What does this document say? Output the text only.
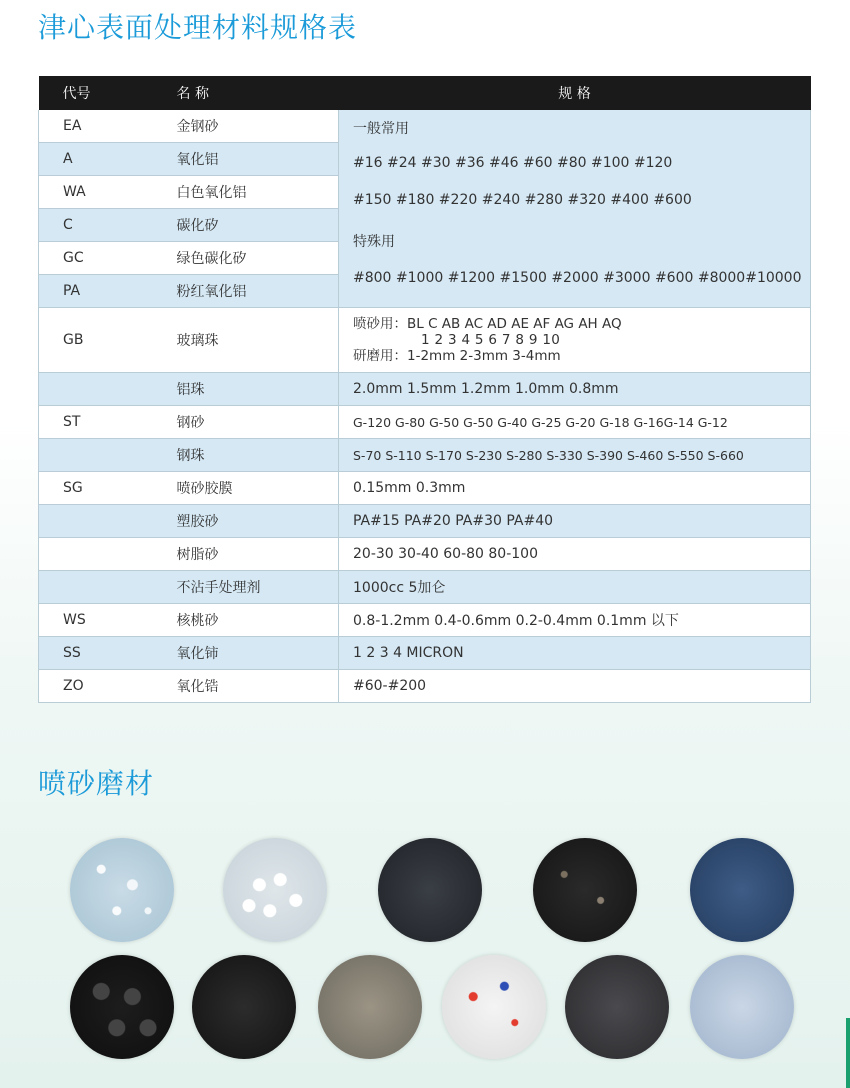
津心表面处理材料规格表
代号	名 称	规 格
EA	金钢砂	一般常用
#16 #24 #30 #36 #46 #60 #80 #100 #120
#150 #180 #220 #240 #280 #320 #400 #600
特殊用
#800 #1000 #1200 #1500 #2000 #3000 #600 #8000#10000

A	氧化铝	
WA	白色氧化铝	
C	碳化矽	
GC	绿色碳化矽	
PA	粉红氧化铝	
GB	玻璃珠	喷砂用：BL C AB AC AD AE AF AG AH AQ
1 2 3 4 5 6 7 8 9 10
研磨用：1-2mm 2-3mm 3-4mm

	铝珠	2.0mm 1.5mm 1.2mm 1.0mm 0.8mm
ST	钢砂	G-120 G-80 G-50 G-50 G-40 G-25 G-20 G-18 G-16G-14 G-12
	钢珠	S-70 S-110 S-170 S-230 S-280 S-330 S-390 S-460 S-550 S-660
SG	喷砂胶膜	0.15mm 0.3mm
	塑胶砂	PA#15 PA#20 PA#30 PA#40
	树脂砂	20-30 30-40 60-80 80-100
	不沾手处理剂	1000cc 5加仑
WS	核桃砂	0.8-1.2mm 0.4-0.6mm 0.2-0.4mm 0.1mm 以下
SS	氧化铈	1 2 3 4 MICRON
ZO	氧化锆	#60-#200
喷砂磨材
